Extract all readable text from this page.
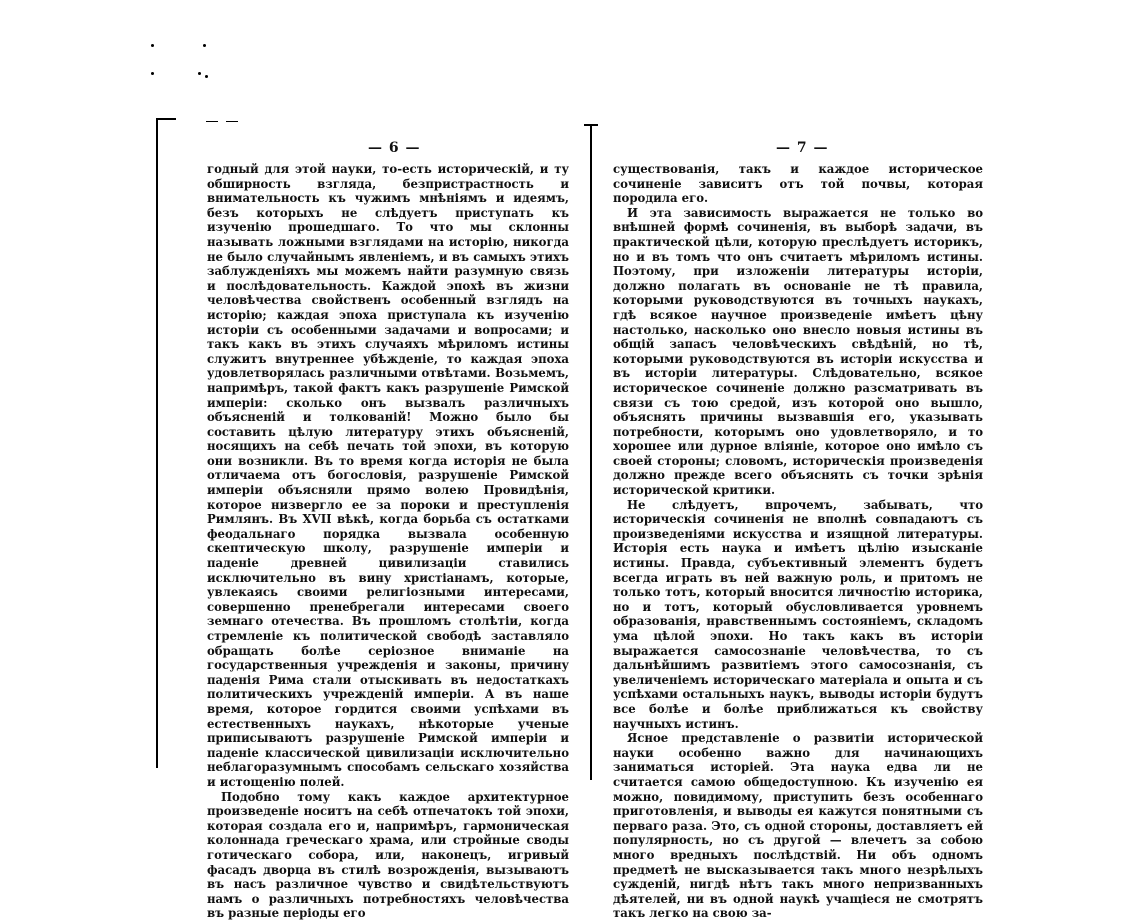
— 6 —

годный для этой науки, то-есть историческій, и ту обширность взгляда, безпристрастность и внимательность къ чужимъ мнѣніямъ и идеямъ, безъ которыхъ не слѣдуетъ приступать къ изученію прошедшаго. То что мы склонны называть ложными взглядами на исторію, никогда не было случайнымъ явленіемъ, и въ самыхъ этихъ заблужденіяхъ мы можемъ найти разумную связь и послѣдовательность. Каждой эпохѣ въ жизни человѣчества свойственъ особенный взглядъ на исторію; каждая эпоха приступала къ изученію исторіи съ особенными задачами и вопросами; и такъ какъ въ этихъ случаяхъ мѣриломъ истины служитъ внутреннее убѣжденіе, то каждая эпоха удовлетворялась различными отвѣтами. Возьмемъ, напримѣръ, такой фактъ какъ разрушеніе Римской имперіи: сколько онъ вызвалъ различныхъ объясненій и толкованій! Можно было бы составить цѣлую литературу этихъ объясненій, носящихъ на себѣ печать той эпохи, въ которую они возникли. Въ то время когда исторія не была отличаема отъ богословія, разрушеніе Римской имперіи объясняли прямо волею Провидѣнія, которое низвергло ее за пороки и преступленія Римлянъ. Въ XVII вѣкѣ, когда борьба съ остатками феодальнаго порядка вызвала особенную скептическую школу, разрушеніе имперіи и паденіе древней цивилизаціи ставились исключительно въ вину христіанамъ, которые, увлекаясь своими религіозными интересами, совершенно пренебрегали интересами своего земнаго отечества. Въ прошломъ столѣтіи, когда стремленіе къ политической свободѣ заставляло обращать болѣе серіозное вниманіе на государственныя учрежденія и законы, причину паденія Рима стали отыскивать въ недостаткахъ политическихъ учрежденій имперіи. А въ наше время, которое гордится своими успѣхами въ естественныхъ наукахъ, нѣкоторые ученые приписываютъ разрушеніе Римской имперіи и паденіе классической цивилизаціи исключительно неблагоразумнымъ способамъ сельскаго хозяйства и истощенію полей.

Подобно тому какъ каждое архитектурное произведеніе носитъ на себѣ отпечатокъ той эпохи, которая создала его и, напримѣръ, гармоническая колоннада греческаго храма, или стройные своды готическаго собора, или, наконецъ, игривый фасадъ дворца въ стилѣ возрожденія, вызываютъ въ насъ различное чувство и свидѣтельствуютъ намъ о различныхъ потребностяхъ человѣчества въ разные періоды его

— 7 —

существованія, такъ и каждое историческое сочиненіе зависитъ отъ той почвы, которая породила его.

И эта зависимость выражается не только во внѣшней формѣ сочиненія, въ выборѣ задачи, въ практической цѣли, которую преслѣдуетъ историкъ, но и въ томъ что онъ считаетъ мѣриломъ истины. Поэтому, при изложеніи литературы исторіи, должно полагать въ основаніе не тѣ правила, которыми руководствуются въ точныхъ наукахъ, гдѣ всякое научное произведеніе имѣетъ цѣну настолько, насколько оно внесло новыя истины въ общій запасъ человѣческихъ свѣдѣній, но тѣ, которыми руководствуются въ исторіи искусства и въ исторіи литературы. Слѣдовательно, всякое историческое сочиненіе должно разсматривать въ связи съ тою средой, изъ которой оно вышло, объяснять причины вызвавшія его, указывать потребности, которымъ оно удовлетворяло, и то хорошее или дурное вліяніе, которое оно имѣло съ своей стороны; словомъ, историческія произведенія должно прежде всего объяснять съ точки зрѣнія исторической критики.

Не слѣдуетъ, впрочемъ, забывать, что историческія сочиненія не вполнѣ совпадаютъ съ произведеніями искусства и изящной литературы. Исторія есть наука и имѣетъ цѣлію изысканіе истины. Правда, субъективный элементъ будетъ всегда играть въ ней важную роль, и притомъ не только тотъ, который вносится личностію историка, но и тотъ, который обусловливается уровнемъ образованія, нравственнымъ состояніемъ, складомъ ума цѣлой эпохи. Но такъ какъ въ исторіи выражается самосознаніе человѣчества, то съ дальнѣйшимъ развитіемъ этого самосознанія, съ увеличеніемъ историческаго матеріала и опыта и съ успѣхами остальныхъ наукъ, выводы исторіи будутъ все болѣе и болѣе приближаться къ свойству научныхъ истинъ.

Ясное представленіе о развитіи исторической науки особенно важно для начинающихъ заниматься исторіей. Эта наука едва ли не считается самою общедоступною. Къ изученію ея можно, повидимому, приступить безъ особеннаго приготовленія, и выводы ея кажутся понятными съ перваго раза. Это, съ одной стороны, доставляетъ ей популярность, но съ другой — влечетъ за собою много вредныхъ послѣдствій. Ни объ одномъ предметѣ не высказывается такъ много незрѣлыхъ сужденій, нигдѣ нѣтъ такъ много непризванныхъ дѣятелей, ни въ одной наукѣ учащіеся не смотрятъ такъ легко на свою за-
